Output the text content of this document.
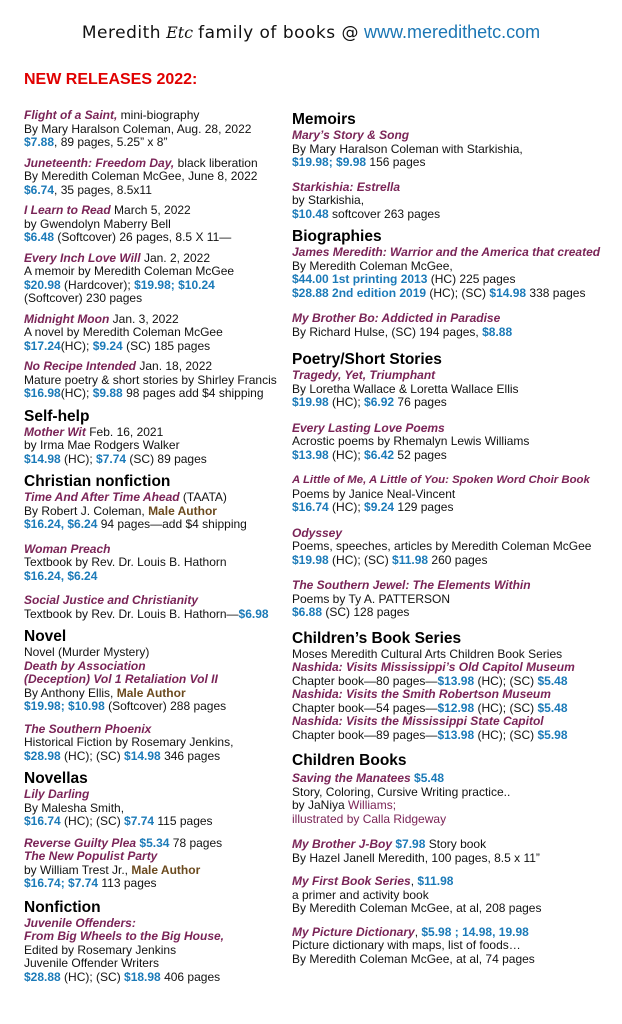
Meredith Etc family of books @ www.meredithetc.com
NEW RELEASES 2022:
Flight of a Saint, mini-biography
By Mary Haralson Coleman, Aug. 28, 2022
$7.88, 89 pages, 5.25” x 8”
Juneteenth: Freedom Day, black liberation
By Meredith Coleman McGee, June 8, 2022
$6.74, 35 pages, 8.5x11
I Learn to Read March 5, 2022
by Gwendolyn Maberry Bell
$6.48 (Softcover) 26 pages, 8.5 X 11—
Every Inch Love Will Jan. 2, 2022
A memoir by Meredith Coleman McGee
$20.98 (Hardcover); $19.98; $10.24
(Softcover) 230 pages
Midnight Moon Jan. 3, 2022
A novel by Meredith Coleman McGee
$17.24(HC); $9.24 (SC) 185 pages
No Recipe Intended Jan. 18, 2022
Mature poetry & short stories by Shirley Francis
$16.98(HC); $9.88 98 pages add $4 shipping
Self-help
Mother Wit Feb. 16, 2021
by Irma Mae Rodgers Walker
$14.98 (HC); $7.74 (SC) 89 pages
Christian nonfiction
Time And After Time Ahead (TAATA)
By Robert J. Coleman, Male Author
$16.24, $6.24 94 pages—add $4 shipping
Woman Preach
Textbook by Rev. Dr. Louis B. Hathorn
$16.24, $6.24
Social Justice and Christianity
Textbook by Rev. Dr. Louis B. Hathorn—$6.98
Novel
Novel (Murder Mystery)
Death by Association
(Deception) Vol 1 Retaliation Vol II
By Anthony Ellis, Male Author
$19.98; $10.98 (Softcover) 288 pages
The Southern Phoenix
Historical Fiction by Rosemary Jenkins,
$28.98 (HC); (SC) $14.98 346 pages
Novellas
Lily Darling
By Malesha Smith,
$16.74 (HC); (SC) $7.74 115 pages
Reverse Guilty Plea $5.34 78 pages
The New Populist Party
by William Trest Jr., Male Author
$16.74; $7.74 113 pages
Nonfiction
Juvenile Offenders:
From Big Wheels to the Big House,
Edited by Rosemary Jenkins
Juvenile Offender Writers
$28.88 (HC); (SC) $18.98 406 pages
Memoirs
Mary’s Story & Song
By Mary Haralson Coleman with Starkishia,
$19.98; $9.98 156 pages
Starkishia: Estrella
by Starkishia,
$10.48 softcover 263 pages
Biographies
James Meredith: Warrior and the America that created
By Meredith Coleman McGee,
$44.00 1st printing 2013 (HC) 225 pages
$28.88 2nd edition 2019 (HC); (SC) $14.98 338 pages
My Brother Bo: Addicted in Paradise
By Richard Hulse, (SC) 194 pages, $8.88
Poetry/Short Stories
Tragedy, Yet, Triumphant
By Loretha Wallace & Loretta Wallace Ellis
$19.98 (HC); $6.92 76 pages
Every Lasting Love Poems
Acrostic poems by Rhemalyn Lewis Williams
$13.98 (HC); $6.42 52 pages
A Little of Me, A Little of You: Spoken Word Choir Book
Poems by Janice Neal-Vincent
$16.74 (HC); $9.24 129 pages
Odyssey
Poems, speeches, articles by Meredith Coleman McGee
$19.98 (HC); (SC) $11.98 260 pages
The Southern Jewel: The Elements Within
Poems by Ty A. PATTERSON
$6.88 (SC) 128 pages
Children’s Book Series
Moses Meredith Cultural Arts Children Book Series
Nashida: Visits Mississippi’s Old Capitol Museum
Chapter book—80 pages—$13.98 (HC); (SC) $5.48
Nashida: Visits the Smith Robertson Museum
Chapter book—54 pages—$12.98 (HC); (SC) $5.48
Nashida: Visits the Mississippi State Capitol
Chapter book—89 pages—$13.98 (HC); (SC) $5.98
Children Books
Saving the Manatees $5.48
Story, Coloring, Cursive Writing practice..
by JaNiya Williams;
illustrated by Calla Ridgeway
My Brother J-Boy $7.98 Story book
By Hazel Janell Meredith, 100 pages, 8.5 x 11”
My First Book Series, $11.98
a primer and activity book
By Meredith Coleman McGee, at al, 208 pages
My Picture Dictionary, $5.98 ; 14.98, 19.98
Picture dictionary with maps, list of foods…
By Meredith Coleman McGee, at al, 74 pages
